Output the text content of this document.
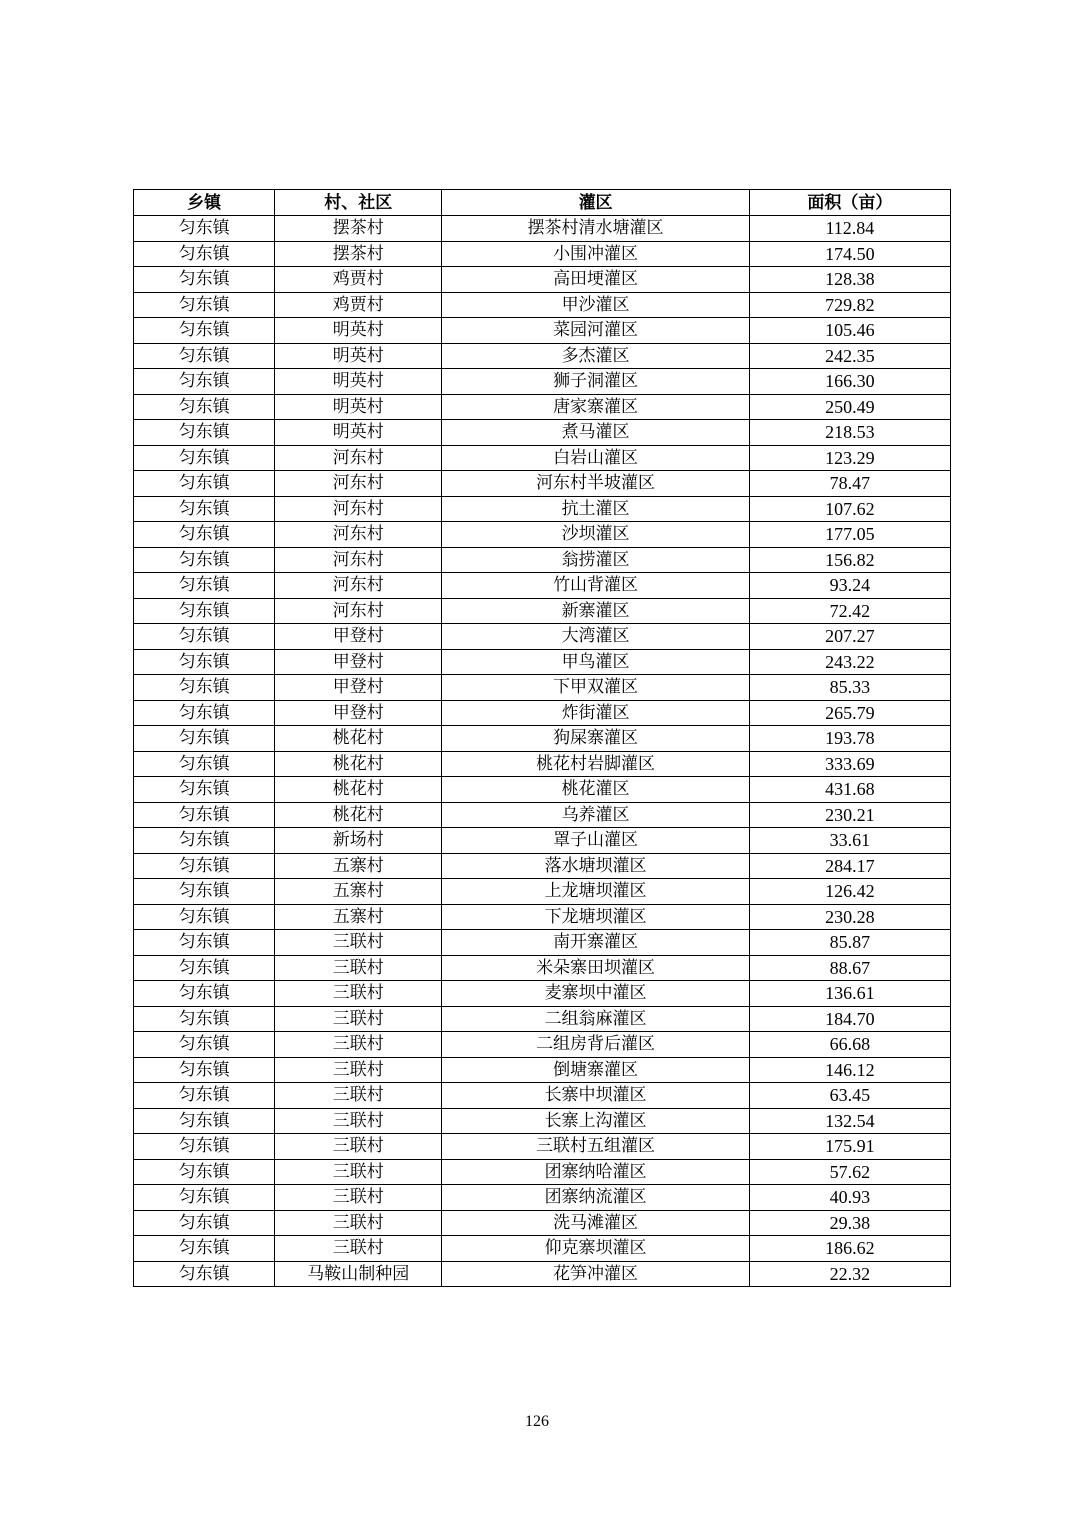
乡镇	村、社区	灌区	面积（亩）
匀东镇	摆茶村	摆茶村清水塘灌区	112.84
匀东镇	摆茶村	小围冲灌区	174.50
匀东镇	鸡贾村	高田埂灌区	128.38
匀东镇	鸡贾村	甲沙灌区	729.82
匀东镇	明英村	菜园河灌区	105.46
匀东镇	明英村	多杰灌区	242.35
匀东镇	明英村	狮子洞灌区	166.30
匀东镇	明英村	唐家寨灌区	250.49
匀东镇	明英村	煮马灌区	218.53
匀东镇	河东村	白岩山灌区	123.29
匀东镇	河东村	河东村半坡灌区	78.47
匀东镇	河东村	抗土灌区	107.62
匀东镇	河东村	沙坝灌区	177.05
匀东镇	河东村	翁捞灌区	156.82
匀东镇	河东村	竹山背灌区	93.24
匀东镇	河东村	新寨灌区	72.42
匀东镇	甲登村	大湾灌区	207.27
匀东镇	甲登村	甲鸟灌区	243.22
匀东镇	甲登村	下甲双灌区	85.33
匀东镇	甲登村	炸街灌区	265.79
匀东镇	桃花村	狗屎寨灌区	193.78
匀东镇	桃花村	桃花村岩脚灌区	333.69
匀东镇	桃花村	桃花灌区	431.68
匀东镇	桃花村	乌养灌区	230.21
匀东镇	新场村	罩子山灌区	33.61
匀东镇	五寨村	落水塘坝灌区	284.17
匀东镇	五寨村	上龙塘坝灌区	126.42
匀东镇	五寨村	下龙塘坝灌区	230.28
匀东镇	三联村	南开寨灌区	85.87
匀东镇	三联村	米朵寨田坝灌区	88.67
匀东镇	三联村	麦寨坝中灌区	136.61
匀东镇	三联村	二组翁麻灌区	184.70
匀东镇	三联村	二组房背后灌区	66.68
匀东镇	三联村	倒塘寨灌区	146.12
匀东镇	三联村	长寨中坝灌区	63.45
匀东镇	三联村	长寨上沟灌区	132.54
匀东镇	三联村	三联村五组灌区	175.91
匀东镇	三联村	团寨纳哈灌区	57.62
匀东镇	三联村	团寨纳流灌区	40.93
匀东镇	三联村	洗马滩灌区	29.38
匀东镇	三联村	仰克寨坝灌区	186.62
匀东镇	马鞍山制种园	花笋冲灌区	22.32
126
